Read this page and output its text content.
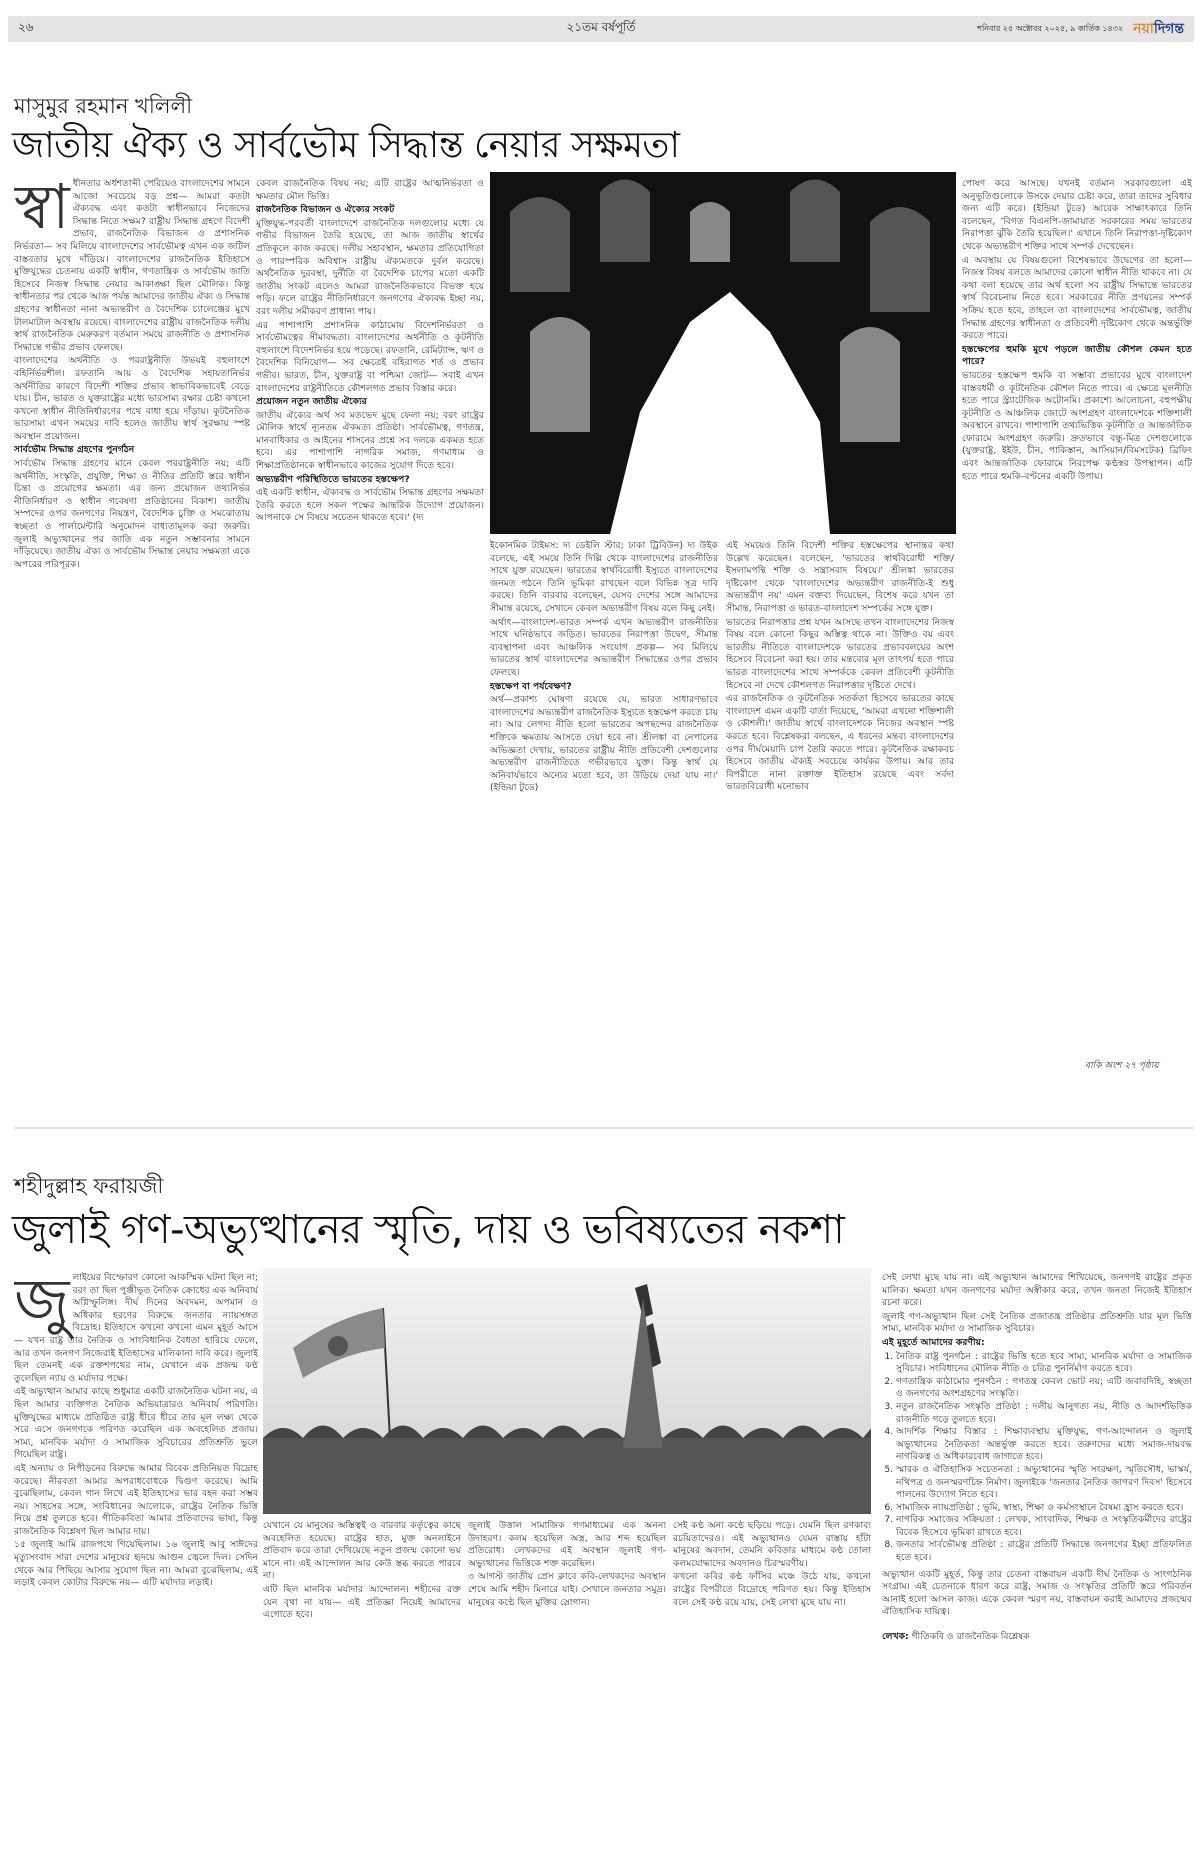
২৬	২১তম বর্ষপূর্তি	শনিবার ২৫ অক্টোবর ২০২৫, ৯ কার্তিক ১৪৩২ নয়াদিগন্ত
মাসুমুর রহমান খলিলী
জাতীয় ঐক্য ও সার্বভৌম সিদ্ধান্ত নেয়ার সক্ষমতা
স্বা ধীনতার অর্ধশতাব্দী পেরিয়েও বাংলাদেশের সামনে আজো সবচেয়ে বড় প্রশ্ন— আমরা কতটা ঐক্যবদ্ধ এবং কতটা স্বাধীনভাবে নিজেদের সিদ্ধান্ত নিতে সক্ষম? রাষ্ট্রীয় সিদ্ধান্ত গ্রহণে বিদেশী প্রভাব, রাজনৈতিক বিভাজন ও প্রশাসনিক নির্ভরতা— সব মিলিয়ে বাংলাদেশের সার্বভৌমত্ব এখন এক জটিল বাস্তবতার মুখে দাঁড়িয়ে। বাংলাদেশের রাজনৈতিক ইতিহাসে মুক্তিযুদ্ধের চেতনায় একটি স্বাধীন, গণতান্ত্রিক ও সার্বভৌম জাতি হিসেবে নিজস্ব সিদ্ধান্ত নেয়ার আকাঙ্ক্ষা ছিল মৌলিক। কিন্তু স্বাধীনতার পর থেকে আজ পর্যন্ত আমাদের জাতীয় ঐক্য ও সিদ্ধান্ত গ্রহণের স্বাধীনতা নানা অভ্যন্তরীণ ও বৈদেশিক চ্যালেঞ্জের মুখে টালমাটাল অবস্থায় রয়েছে। বাংলাদেশের রাষ্ট্রীয় রাজনৈতিক দলীয় স্বার্থ রাজনৈতিক মেরুকরণ বর্তমান সময়ে রাজনীতি ও প্রশাসনিক সিদ্ধান্তে গভীর প্রভাব ফেলছে।

বাংলাদেশের অর্থনীতি ও পররাষ্ট্রনীতি উভয়ই বহুলাংশে বহির্নির্ভরশীল। রফতানি আয় ও বৈদেশিক সহায়তানির্ভর অর্থনীতির কারণে বিদেশী শক্তির প্রভাব স্বাভাবিকভাবেই বেড়ে যায়। চীন, ভারত ও যুক্তরাষ্ট্রের মধ্যে ভারসাম্য রক্ষার চেষ্টা কখনো কখনো স্বাধীন নীতিনির্ধারণের পথে বাধা হয়ে দাঁড়ায়। কূটনৈতিক ভারসাম্য এখন সময়ের দাবি হলেও জাতীয় স্বার্থ সুরক্ষায় স্পষ্ট অবস্থান প্রয়োজন।

সার্বভৌম সিদ্ধান্ত গ্রহণের পুনর্গঠন

সার্বভৌম সিদ্ধান্ত গ্রহণের মানে কেবল পররাষ্ট্রনীতি নয়; এটি অর্থনীতি, সংস্কৃতি, প্রযুক্তি, শিক্ষা ও নীতির প্রতিটি স্তরে স্বাধীন চিন্তা ও প্রয়োগের ক্ষমতা। এর জন্য প্রয়োজন তথ্যনির্ভর নীতিনির্ধারণ ও স্বাধীন গবেষণা প্রতিষ্ঠানের বিকাশ। জাতীয় সম্পদের ওপর জনগণের নিয়ন্ত্রণ, বৈদেশিক চুক্তি ও সমঝোতায় স্বচ্ছতা ও পার্লামেন্টারি অনুমোদন বাধ্যতামূলক করা জরুরি। জুলাই অভ্যুত্থানের পর জাতি এক নতুন সম্ভাবনার সামনে দাঁড়িয়েছে। জাতীয় ঐক্য ও সার্বভৌম সিদ্ধান্ত নেয়ার সক্ষমতা একে অপরের পরিপূরক।

কেবল রাজনৈতিক বিষয় নয়; এটি রাষ্ট্রের আত্মনির্ভরতা ও ক্ষমতার মৌল ভিত্তি।

রাজনৈতিক বিভাজন ও ঐক্যের সংকট

মুক্তিযুদ্ধ-পরবর্তী বাংলাদেশে রাজনৈতিক দলগুলোর মধ্যে যে গভীর বিভাজন তৈরি হয়েছে, তা আজ জাতীয় স্বার্থের প্রতিকূলে কাজ করছে। দলীয় সহাবস্থান, ক্ষমতার প্রতিযোগিতা ও পারস্পরিক অবিশ্বাস রাষ্ট্রীয় ঐক্যমতকে দুর্বল করেছে। অর্থনৈতিক দুরবস্থা, দুর্নীতি বা বৈদেশিক চাপের মতো একটি জাতীয় সংকট এলেও আমরা রাজনৈতিকভাবে বিভক্ত হয়ে পড়ি। ফলে রাষ্ট্রের নীতিনির্ধারণে জনগণের ঐক্যবদ্ধ ইচ্ছা নয়, বরং দলীয় সমীকরণ প্রাধান্য পায়।

এর পাশাপাশি প্রশাসনিক কাঠামোয় বিদেশনির্ভরতা ও সার্বভৌমত্বের সীমাবদ্ধতা। বাংলাদেশের অর্থনীতি ও কূটনীতি বহুলাংশে বিদেশনির্ভর হয়ে পড়েছে। রফতানি, রেমিট্যান্স, ঋণ ও বৈদেশিক বিনিয়োগ— সব ক্ষেত্রেই বহিরাগত শর্ত ও প্রভাব গভীর। ভারত, চীন, যুক্তরাষ্ট্র বা পশ্চিমা জোট— সবাই এখন বাংলাদেশের রাষ্ট্রনীতিতে কৌশলগত প্রভাব বিস্তার করে।

প্রয়োজন নতুন জাতীয় ঐক্যের

জাতীয় ঐক্যের অর্থ সব মতভেদ মুছে ফেলা নয়; বরং রাষ্ট্রের মৌলিক স্বার্থে ন্যূনতম ঐকমত্য প্রতিষ্ঠা। সার্বভৌমত্ব, গণতন্ত্র, মানবাধিকার ও আইনের শাসনের প্রশ্নে সব দলকে একমত হতে হবে। এর পাশাপাশি নাগরিক সমাজ, গণমাধ্যম ও শিক্ষাপ্রতিষ্ঠানকে স্বাধীনভাবে কাজের সুযোগ দিতে হবে।

অভ্যন্তরীণ পরিস্থিতিতে ভারতের হস্তক্ষেপ?

এই একটি স্বাধীন, ঐক্যবদ্ধ ও সার্বভৌম সিদ্ধান্ত গ্রহণের সক্ষমতা তৈরি করতে হলে সকল পক্ষের আন্তরিক উদ্যোগ প্রয়োজন। আপনাকে সে বিষয়ে সচেতন থাকতে হবে।' (দ্য

ইকোনমিক টাইমস: দ্য ডেইলি স্টার; ঢাকা ট্রিবিউন) দ্য উইক বলেছে, এই সময়ে তিনি দিল্লি থেকে বাংলাদেশের রাজনীতির সাথে যুক্ত রয়েছেন। ভারতের স্বার্থবিরোধী ইস্যুতে বাংলাদেশের জনমত গঠনে তিনি ভূমিকা রাখছেন বলে বিভিন্ন সূত্র দাবি করছে। তিনি বারবার বলেছেন, যেসব দেশের সঙ্গে আমাদের সীমান্ত রয়েছে, সেখানে কেবল অভ্যন্তরীণ বিষয় বলে কিছু নেই।

অর্থাৎ—বাংলাদেশ-ভারত সম্পর্ক এখন অভ্যন্তরীণ রাজনীতির সাথে ঘনিষ্ঠভাবে জড়িত। ভারতের নিরাপত্তা উদ্বেগ, সীমান্ত ব্যবস্থাপনা এবং আঞ্চলিক সংযোগ প্রকল্প— সব মিলিয়ে ভারতের স্বার্থ বাংলাদেশের অভ্যন্তরীণ সিদ্ধান্তের ওপর প্রভাব ফেলছে।

হস্তক্ষেপ বা পর্যবেক্ষণ?

অর্থ—প্রকাশ্য ঘোষণা রয়েছে যে, ভারত সাধারণভাবে বাংলাদেশের অভ্যন্তরীণ রাজনৈতিক ইস্যুতে হস্তক্ষেপ করতে চায় না। আর লেগদ্য নীতি হলো ভারতের অপছন্দের রাজনৈতিক শক্তিকে ক্ষমতায় আসতে দেয়া হবে না। শ্রীলঙ্কা বা নেপালের অভিজ্ঞতা দেখায়, ভারতের রাষ্ট্রীয় নীতি প্রতিবেশী দেশগুলোর অভ্যন্তরীণ রাজনীতিতে গভীরভাবে যুক্ত। কিন্তু স্বার্থ যে অনিবার্যভাবে অন্যের মতো হবে, তা উড়িয়ে দেয়া যায় না।' (ইন্ডিয়া টুডে)

এই সময়েও তিনি বিদেশী শক্তির হস্তক্ষেপের স্থানান্তর কথা উল্লেখ করেছেন। বলেছেন, 'ভারতের স্বার্থবিরোধী শক্তি/ইসলামপন্থি শক্তি ও সন্ত্রাসবাদ বিষয়ে।' শ্রীলঙ্কা ভারতের দৃষ্টিকোণ থেকে 'বাংলাদেশের অভ্যন্তরীণ রাজনীতি-ই শুধু অভ্যন্তরীণ নয়' এমন বক্তব্য দিয়েছেন, বিশেষ করে যখন তা সীমান্ত, নিরাপত্তা ও ভারত-বাংলাদেশ সম্পর্কের সঙ্গে যুক্ত।

ভারতের নিরাপত্তার প্রশ্ন যখন আসছে তখন বাংলাদেশের নিজস্ব বিষয় বলে কোনো কিছুর অস্তিত্ব থাকে না। উক্তিও বয় এবং ভারতীয় নীতিতে বাংলাদেশকে ভারতের প্রভাববলয়ের অংশ হিসেবে বিবেচনা করা হয়। তার মন্তব্যের মূল তাৎপর্য হতে পারে ভারত বাংলাদেশের সাথে সম্পর্ককে কেবল প্রতিবেশী কূটনীতি হিসেবে না দেখে কৌশলগত নিরাপত্তার দৃষ্টিতে দেখে।

এর রাজনৈতিক ও কূটনৈতিক সতর্কতা হিসেবে ভারতের কাছে বাংলাদেশ এমন একটি বার্তা দিয়েছে, 'আমরা এখনো শক্তিশালী ও কৌশলী।' জাতীয় স্বার্থে বাংলাদেশকে নিজের অবস্থান স্পষ্ট করতে হবে। বিশ্লেষকরা বলছেন, এ ধরনের মন্তব্য বাংলাদেশের ওপর দীর্ঘমেয়াদি চাপ তৈরি করতে পারে। কূটনৈতিক রক্ষাকবচ হিসেবে জাতীয় ঐক্যই সবচেয়ে কার্যকর উপায়। আর তার বিপরীতে নানা রক্তাক্ত ইতিহাস রয়েছে এবং সর্বদা ভারতবিরোধী মনোভাব

পোষণ করে আসছে। যখনই বর্তমান সরকারগুলো এই অনুভূতিগুলোকে উসকে দেয়ার চেষ্টা করে, তারা তাদের সুবিধার জন্য এটি করে। (ইন্ডিয়া টুডে) আরেক সাক্ষাৎকারে তিনি বলেছেন, 'বিগত বিএনপি-জামায়াত সরকারের সময় ভারতের নিরাপত্তা ঝুঁকি তৈরি হয়েছিল।' এখানে তিনি নিরাপত্তা-দৃষ্টিকোণ থেকে অভ্যন্তরীণ শক্তির সাথে সম্পর্ক দেখেছেন।

এ অবস্থায় যে বিষয়গুলো বিশেষভাবে উদ্বেগের তা হলো— নিজস্ব বিষয় বলতে আমাদের কোনো স্বাধীন নীতি থাকবে না। যে কথা বলা হয়েছে তার অর্থ হলো সব রাষ্ট্রীয় সিদ্ধান্তে ভারতের স্বার্থ বিবেচনায় নিতে হবে। সরকারের নীতি প্রণয়নের সম্পর্ক সক্রিয় হতে হবে, তাহলে তা বাংলাদেশের সার্বভৌমত্ব, জাতীয় সিদ্ধান্ত গ্রহণের স্বাধীনতা ও প্রতিবেশী দৃষ্টিকোণ থেকে অন্তর্ভুক্তি করতে পারে।

হস্তক্ষেপের হুমকি মুখে পড়লে জাতীয় কৌশল কেমন হতে পারে?

ভারতের হস্তক্ষেপ হুমকি বা সম্ভাব্য প্রভাবের মুখে বাংলাদেশ বাস্তবধর্মী ও কূটনৈতিক কৌশল নিতে পারে। এ ক্ষেত্রে মূলনীতি হতে পারে স্ট্র্যাটেজিক অটোনমি। প্রকাশ্যে আলোচনা, বহুপক্ষীয় কূটনীতি ও আঞ্চলিক জোটে অংশগ্রহণ বাংলাদেশকে শক্তিশালী অবস্থানে রাখবে। পাশাপাশি তথ্যভিত্তিক কূটনীতি ও আন্তর্জাতিক ফোরামে অংশগ্রহণ জরুরি। দ্রুতভাবে বন্ধু-মিত্র দেশগুলোকে (যুক্তরাষ্ট্র, ইইউ, চীন, পাকিস্তান, আসিয়ান/বিমসটেক) ব্রিফিং এবং আন্তর্জাতিক ফোরামে নিরপেক্ষ কণ্ঠস্বর উপস্থাপন। এটি হতে পারে হুমকি-বণ্টনের একটি উপায়।

বাকি অংশ ২৭ পৃষ্ঠায়
শহীদুল্লাহ ফরায়জী
জুলাই গণ-অভ্যুত্থানের স্মৃতি, দায় ও ভবিষ্যতের নকশা
জু লাইয়ের বিস্ফোরণ কোনো আকস্মিক ঘটনা ছিল না; বরং তা ছিল পুঞ্জীভূত নৈতিক ক্রোধের এক অনিবার্য অগ্নিস্ফুলিঙ্গ। দীর্ঘ দিনের অবদমন, অপমান ও অধিকার হরণের বিরুদ্ধে জনতার ন্যায়সঙ্গত বিদ্রোহ। ইতিহাসে কখনো কখনো এমন মুহূর্ত আসে— যখন রাষ্ট্র তার নৈতিক ও সাংবিধানিক বৈধতা হারিয়ে ফেলে, আর তখন জনগণ নিজেরাই ইতিহাসের মালিকানা দাবি করে। জুলাই ছিল তেমনই এক রক্তশপথের নাম, যেখানে এক প্রজন্ম কণ্ঠ তুলেছিল ন্যায় ও মর্যাদার পক্ষে।

এই অভ্যুত্থান আমার কাছে শুধুমাত্র একটি রাজনৈতিক ঘটনা নয়, এ ছিল আমার ব্যক্তিগত নৈতিক অভিযাত্রারও অনিবার্য পরিণতি। মুক্তিযুদ্ধের মাধ্যমে প্রতিষ্ঠিত রাষ্ট্র ধীরে ধীরে তার মূল লক্ষ্য থেকে সরে এসে জনগণকে পরিণত করেছিল এক অবহেলিত প্রজায়। সাম্য, মানবিক মর্যাদা ও সামাজিক সুবিচারের প্রতিশ্রুতি ভুলে গিয়েছিল রাষ্ট্র।

এই অন্যায় ও নিপীড়নের বিরুদ্ধে আমার বিবেক প্রতিনিয়ত বিদ্রোহ করেছে। নীরবতা আমার অপরাধবোধকে দ্বিগুণ করেছে। আমি বুঝেছিলাম, কেবল গান লিখে এই ইতিহাসের ভার বহন করা সম্ভব নয়। সাহসের সঙ্গে, সংবিধানের আলোকে, রাষ্ট্রের নৈতিক ভিত্তি নিয়ে প্রশ্ন তুলতে হবে। গীতিকবিতা আমার প্রতিবাদের ভাষা, কিন্তু রাজনৈতিক বিশ্লেষণ ছিল আমার দায়।

১৫ জুলাই আমি রাজপথে গিয়েছিলাম। ১৬ জুলাই আবু সাঈদের মৃত্যুসংবাদ সারা দেশের মানুষের হৃদয়ে আগুন জ্বেলে দিল। সেদিন থেকে আর পিছিয়ে আসার সুযোগ ছিল না। আমরা বুঝেছিলাম, এই লড়াই কেবল কোটার বিরুদ্ধে নয়— এটি মর্যাদার লড়াই।

যেখানে যে মানুষের অস্তিত্বই ও বারবার কর্তৃত্বের কাছে অবহেলিত হয়েছে। রাষ্ট্রের হাত, মুক্ত অনলাইনে প্রতিবাদ করে তারা দেখিয়েছে নতুন প্রজন্ম কোনো ভয় মানে না। এই আন্দোলন আর কেউ স্তব্ধ করতে পারবে না।

এটি ছিল মানবিক মর্যাদার আন্দোলন। শহীদের রক্ত যেন বৃথা না যায়— এই প্রতিজ্ঞা নিয়েই আমাদের এগোতে হবে।

জুলাই উত্তাল সামাজিক গণমাধ্যমের এক অনন্য উদাহরণ। কলম হয়েছিল অস্ত্র, আর শব্দ হয়েছিল প্রতিরোধ। লেখকদের এই অবস্থান জুলাই গণ-অভ্যুত্থানের ভিত্তিকে শক্ত করেছিল।

৩ আগস্ট জাতীয় প্রেস ক্লাবে কবি-লেখকদের অবস্থান শেষে আমি শহীদ মিনারে যাই। সেখানে জনতার সমুদ্র। মানুষের কণ্ঠে ছিল মুক্তির স্লোগান।

সেই কণ্ঠ অন্য কণ্ঠে ছড়িয়ে পড়ে। যেমনি ছিল রণকাব্য রচয়িতাদেরও। এই অভ্যুত্থানও যেমন রাস্তায় হাঁটা মানুষের অবদান, তেমনি কবিতার মাধ্যমে কণ্ঠ তোলা কলমযোদ্ধাদের অবদানও চিরস্মরণীয়।

কখনো কবির কণ্ঠ ফাঁসির মঞ্চে উঠে যায়, কখনো রাষ্ট্রের বিপরীতে বিদ্রোহে পরিণত হয়। কিন্তু ইতিহাস বলে সেই কণ্ঠ রয়ে যায়, সেই লেখা মুছে যায় না।

সেই লেখা মুছে যায় না। এই অভ্যুত্থান আমাদের শিখিয়েছে, জনগণই রাষ্ট্রের প্রকৃত মালিক। ক্ষমতা যখন জনগণের মর্যাদা অস্বীকার করে, তখন জনতা নিজেই ইতিহাস রচনা করে।

জুলাই গণ-অভ্যুত্থান ছিল সেই নৈতিক প্রজাতন্ত্র প্রতিষ্ঠার প্রতিশ্রুতি যার মূল ভিত্তি সাম্য, মানবিক মর্যাদা ও সামাজিক সুবিচার।

এই মুহূর্তে আমাদের করণীয়:

1. নৈতিক রাষ্ট্র পুনর্গঠন : রাষ্ট্রের ভিত্তি হতে হবে সাম্য, মানবিক মর্যাদা ও সামাজিক সুবিচার। সংবিধানের মৌলিক নীতি ও চরিত্র পুনর্নির্মাণ করতে হবে।
2. গণতান্ত্রিক কাঠামোর পুনর্গঠন : গণতন্ত্র কেবল ভোট নয়; এটি জবাবদিহি, স্বচ্ছতা ও জনগণের অংশগ্রহণের সংস্কৃতি।
3. নতুন রাজনৈতিক সংস্কৃতি প্রতিষ্ঠা : দলীয় আনুগত্য নয়, নীতি ও আদর্শভিত্তিক রাজনীতি গড়ে তুলতে হবে।
4. আদর্শিক শিক্ষার বিস্তার : শিক্ষাব্যবস্থায় মুক্তিযুদ্ধ, গণ-আন্দোলন ও জুলাই অভ্যুত্থানের নৈতিকতা অন্তর্ভুক্ত করতে হবে। তরুণদের মধ্যে সমাজ-দায়বদ্ধ নাগরিকত্ব ও অধিকারবোধ জাগাতে হবে।
5. স্মারক ও ঐতিহাসিক সচেতনতা : অভ্যুত্থানের স্মৃতি সংরক্ষণ, স্মৃতিসৌধ, ভাস্কর্য, নথিপত্র ও জনস্মরণচিহ্ন নির্মাণ। জুলাইকে 'জনতার নৈতিক জাগরণ দিবস' হিসেবে পালনের উদ্যোগ নিতে হবে।
6. সামাজিক ন্যায়প্রতিষ্ঠা : ভূমি, স্বাস্থ্য, শিক্ষা ও কর্মসংস্থানে বৈষম্য হ্রাস করতে হবে।
7. নাগরিক সমাজের সক্রিয়তা : লেখক, সাংবাদিক, শিক্ষক ও সংস্কৃতিকর্মীদের রাষ্ট্রের বিবেক হিসেবে ভূমিকা রাখতে হবে।
8. জনতার সার্বভৌমত্ব প্রতিষ্ঠা : রাষ্ট্রের প্রতিটি সিদ্ধান্তে জনগণের ইচ্ছা প্রতিফলিত হতে হবে।

অভ্যুত্থান একটি মুহূর্ত, কিন্তু তার চেতনা বাস্তবায়ন একটি দীর্ঘ নৈতিক ও সাংগঠনিক সংগ্রাম। এই চেতনাকে ধারণ করে রাষ্ট্র, সমাজ ও সংস্কৃতির প্রতিটি স্তরে পরিবর্তন আনাই হলো আসল কাজ। একে কেবল স্মরণ নয়, বাস্তবায়ন করাই আমাদের প্রজন্মের ঐতিহাসিক দায়িত্ব।

লেখক: গীতিকবি ও রাজনৈতিক বিশ্লেষক
